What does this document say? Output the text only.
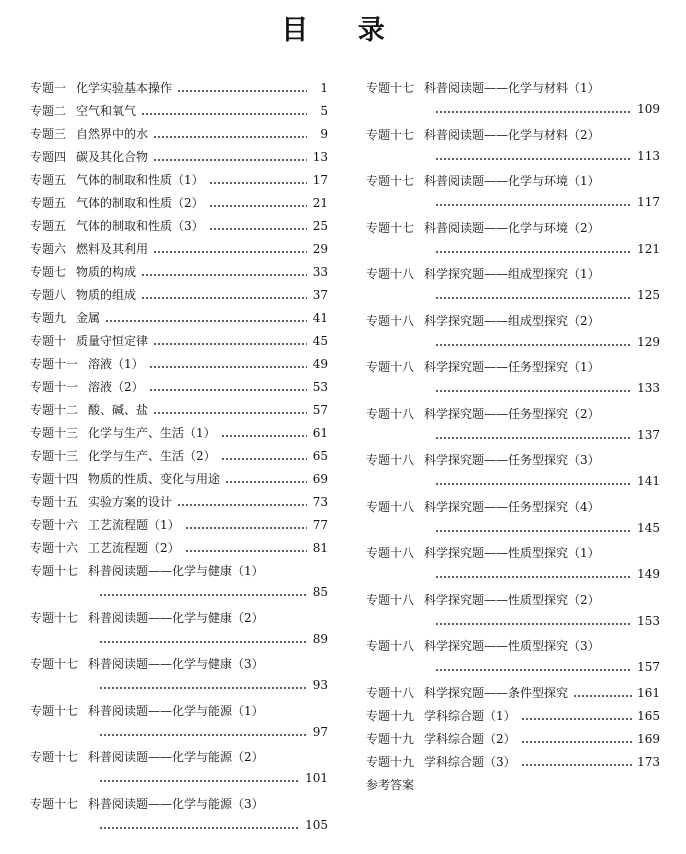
目 录
专题一 化学实验基本操作	1
专题二 空气和氧气	5
专题三 自然界中的水	9
专题四 碳及其化合物	13
专题五 气体的制取和性质（1）	17
专题五 气体的制取和性质（2）	21
专题五 气体的制取和性质（3）	25
专题六 燃料及其利用	29
专题七 物质的构成	33
专题八 物质的组成	37
专题九 金属	41
专题十 质量守恒定律	45
专题十一 溶液（1）	49
专题十一 溶液（2）	53
专题十二 酸、碱、盐	57
专题十三 化学与生产、生活（1）	61
专题十三 化学与生产、生活（2）	65
专题十四 物质的性质、变化与用途	69
专题十五 实验方案的设计	73
专题十六 工艺流程题（1）	77
专题十六 工艺流程题（2）	81
专题十七 科普阅读题——化学与健康（1）
85
专题十七 科普阅读题——化学与健康（2）
89
专题十七 科普阅读题——化学与健康（3）
93
专题十七 科普阅读题——化学与能源（1）
97
专题十七 科普阅读题——化学与能源（2）
101
专题十七 科普阅读题——化学与能源（3）
105
专题十七 科普阅读题——化学与材料（1）
109
专题十七 科普阅读题——化学与材料（2）
113
专题十七 科普阅读题——化学与环境（1）
117
专题十七 科普阅读题——化学与环境（2）
121
专题十八 科学探究题——组成型探究（1）
125
专题十八 科学探究题——组成型探究（2）
129
专题十八 科学探究题——任务型探究（1）
133
专题十八 科学探究题——任务型探究（2）
137
专题十八 科学探究题——任务型探究（3）
141
专题十八 科学探究题——任务型探究（4）
145
专题十八 科学探究题——性质型探究（1）
149
专题十八 科学探究题——性质型探究（2）
153
专题十八 科学探究题——性质型探究（3）
157
专题十八 科学探究题——条件型探究	161
专题十九 学科综合题（1）	165
专题十九 学科综合题（2）	169
专题十九 学科综合题（3）	173
参考答案
